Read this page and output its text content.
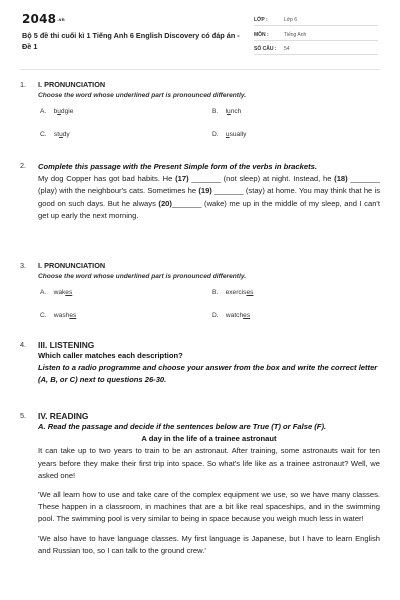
2048.vn
Bộ 5 đề thi cuối kì 1 Tiếng Anh 6 English Discovery có đáp án - Đề 1
LỚP :	Lớp 6
MÔN :	Tiếng Anh
SỐ CÂU : 54
1. I. PRONUNCIATION
Choose the word whose underlined part is pronounced differently.
A. budgie	B. lunch
C. study	D. usually
2. Complete this passage with the Present Simple form of the verbs in brackets.
My dog Copper has got bad habits. He (17) _______ (not sleep) at night. Instead, he (18) _______ (play) with the neighbour's cats. Sometimes he (19) _______ (stay) at home. You may think that he is good on such days. But he always (20)_______ (wake) me up in the middle of my sleep, and I can't get up early the next morning.
3. I. PRONUNCIATION
Choose the word whose underlined part is pronounced differently.
A. wakes	B. exercises
C. washes	D. watches
4. III. LISTENING
Which caller matches each description?
Listen to a radio programme and choose your answer from the box and write the correct letter (A, B, or C) next to questions 26-30.
5. IV. READING
A. Read the passage and decide if the sentences below are True (T) or False (F).
A day in the life of a trainee astronaut
It can take up to two years to train to be an astronaut. After training, some astronauts wait for ten years before they make their first trip into space. So what's life like as a trainee astronaut? Well, we asked one!
'We all learn how to use and take care of the complex equipment we use, so we have many classes. These happen in a classroom, in machines that are a bit like real spaceships, and in the swimming pool. The swimming pool is very similar to being in space because you weigh much less in water!
'We also have to have language classes. My first language is Japanese, but I have to learn English and Russian too, so I can talk to the ground crew.'
